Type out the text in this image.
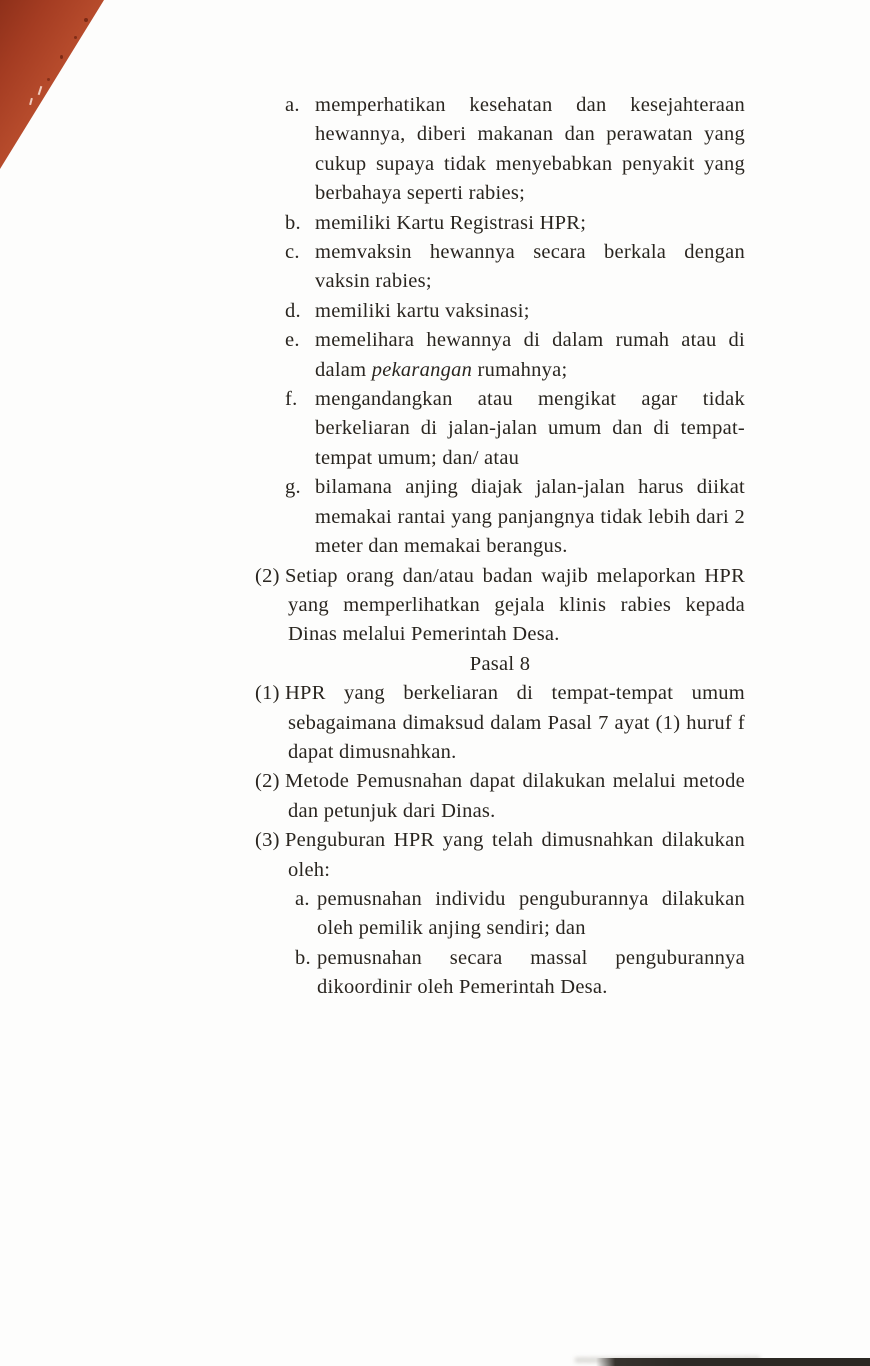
a. memperhatikan kesehatan dan kesejahteraan hewannya, diberi makanan dan perawatan yang cukup supaya tidak menyebabkan penyakit yang berbahaya seperti rabies;
b. memiliki Kartu Registrasi HPR;
c. memvaksin hewannya secara berkala dengan vaksin rabies;
d. memiliki kartu vaksinasi;
e. memelihara hewannya di dalam rumah atau di dalam pekarangan rumahnya;
f. mengandangkan atau mengikat agar tidak berkeliaran di jalan-jalan umum dan di tempat-tempat umum; dan/ atau
g. bilamana anjing diajak jalan-jalan harus diikat memakai rantai yang panjangnya tidak lebih dari 2 meter dan memakai berangus.
(2) Setiap orang dan/atau badan wajib melaporkan HPR yang memperlihatkan gejala klinis rabies kepada Dinas melalui Pemerintah Desa.
Pasal 8
(1) HPR yang berkeliaran di tempat-tempat umum sebagaimana dimaksud dalam Pasal 7 ayat (1) huruf f dapat dimusnahkan.
(2) Metode Pemusnahan dapat dilakukan melalui metode dan petunjuk dari Dinas.
(3) Penguburan HPR yang telah dimusnahkan dilakukan oleh:
a. pemusnahan individu penguburannya dilakukan oleh pemilik anjing sendiri; dan
b. pemusnahan secara massal penguburannya dikoordinir oleh Pemerintah Desa.
